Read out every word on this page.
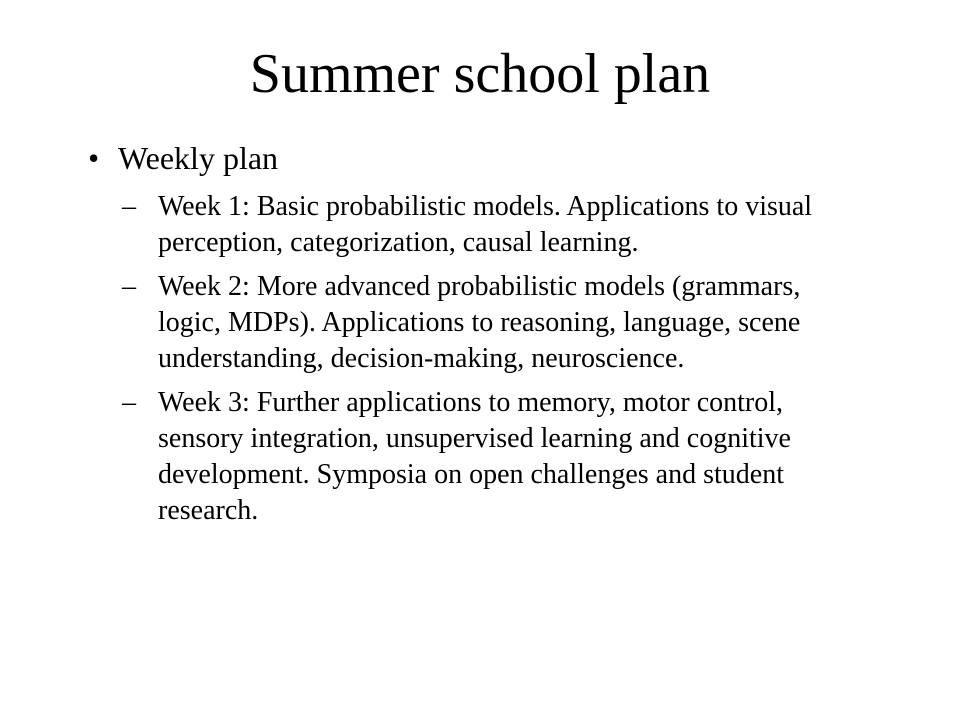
Summer school plan
• Weekly plan
– Week 1: Basic probabilistic models. Applications to visual perception, categorization, causal learning.
– Week 2: More advanced probabilistic models (grammars, logic, MDPs). Applications to reasoning, language, scene understanding, decision-making, neuroscience.
– Week 3: Further applications to memory, motor control, sensory integration, unsupervised learning and cognitive development. Symposia on open challenges and student research.
